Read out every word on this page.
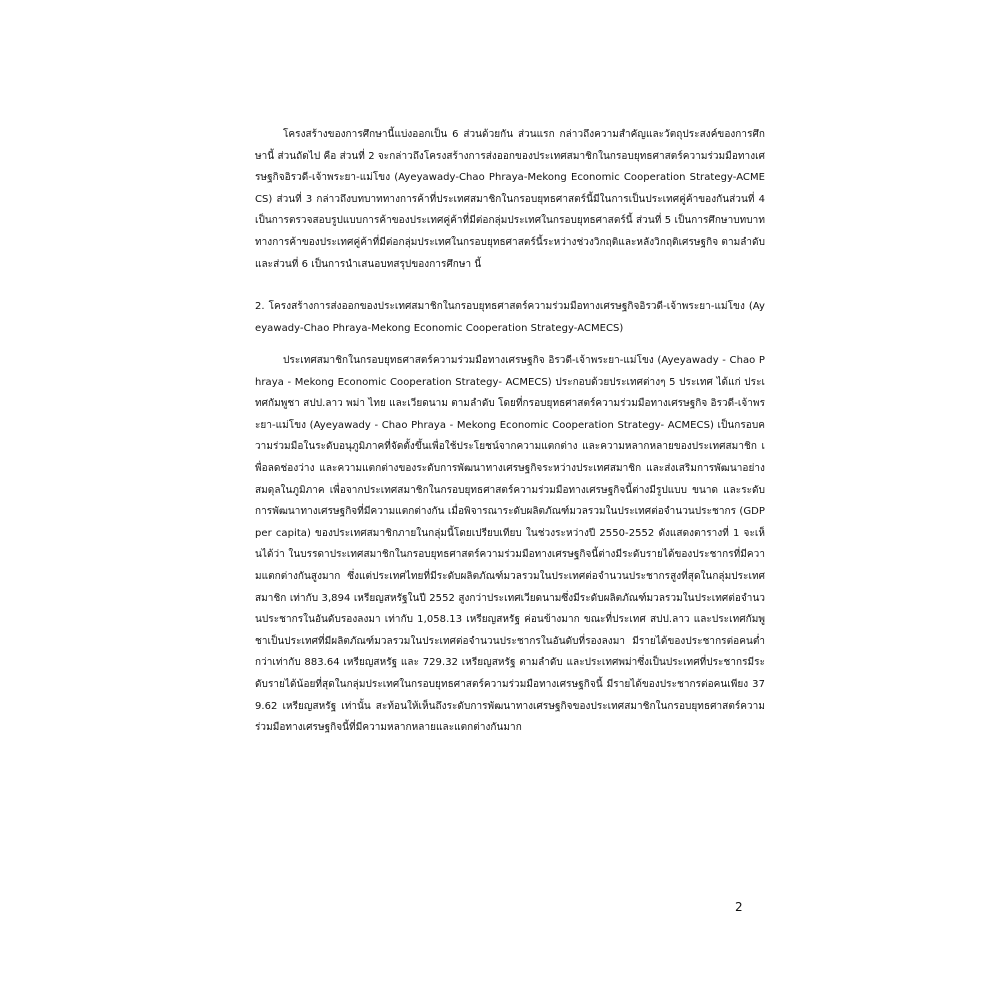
โครงสร้างของการศึกษานี้แบ่งออกเป็น 6 ส่วนด้วยกัน ส่วนแรก กล่าวถึงความสำคัญและวัตถุประสงค์ของการศึกษานี้ ส่วนถัดไป คือ ส่วนที่ 2 จะกล่าวถึงโครงสร้างการส่งออกของประเทศสมาชิกในกรอบยุทธศาสตร์ความร่วมมือทางเศรษฐกิจอิรวดี-เจ้าพระยา-แม่โขง (Ayeyawady-Chao Phraya-Mekong Economic Cooperation Strategy-ACMECS) ส่วนที่ 3 กล่าวถึงบทบาททางการค้าที่ประเทศสมาชิกในกรอบยุทธศาสตร์นี้มีในการเป็นประเทศคู่ค้าของกันส่วนที่ 4 เป็นการตรวจสอบรูปแบบการค้าของประเทศคู่ค้าที่มีต่อกลุ่มประเทศในกรอบยุทธศาสตร์นี้ ส่วนที่ 5 เป็นการศึกษาบทบาททางการค้าของประเทศคู่ค้าที่มีต่อกลุ่มประเทศในกรอบยุทธศาสตร์นี้ระหว่างช่วงวิกฤติและหลังวิกฤติเศรษฐกิจ ตามลำดับ และส่วนที่ 6 เป็นการนำเสนอบทสรุปของการศึกษา นี้
2. โครงสร้างการส่งออกของประเทศสมาชิกในกรอบยุทธศาสตร์ความร่วมมือทางเศรษฐกิจอิรวดี-เจ้าพระยา-แม่โขง (Ayeyawady-Chao Phraya-Mekong Economic Cooperation Strategy-ACMECS)
ประเทศสมาชิกในกรอบยุทธศาสตร์ความร่วมมือทางเศรษฐกิจ อิรวดี-เจ้าพระยา-แม่โขง (Ayeyawady - Chao Phraya - Mekong Economic Cooperation Strategy- ACMECS) ประกอบด้วยประเทศต่างๆ 5 ประเทศ ได้แก่ ประเทศกัมพูชา สปป.ลาว พม่า ไทย และเวียดนาม ตามลำดับ โดยที่กรอบยุทธศาสตร์ความร่วมมือทางเศรษฐกิจ อิรวดี-เจ้าพระยา-แม่โขง (Ayeyawady - Chao Phraya - Mekong Economic Cooperation Strategy- ACMECS) เป็นกรอบความร่วมมือในระดับอนุภูมิภาคที่จัดตั้งขึ้นเพื่อใช้ประโยชน์จากความแตกต่าง และความหลากหลายของประเทศสมาชิก เพื่อลดช่องว่าง และความแตกต่างของระดับการพัฒนาทางเศรษฐกิจระหว่างประเทศสมาชิก และส่งเสริมการพัฒนาอย่างสมดุลในภูมิภาค เพื่อจากประเทศสมาชิกในกรอบยุทธศาสตร์ความร่วมมือทางเศรษฐกิจนี้ต่างมีรูปแบบ ขนาด และระดับการพัฒนาทางเศรษฐกิจที่มีความแตกต่างกัน เมื่อพิจารณาระดับผลิตภัณฑ์มวลรวมในประเทศต่อจำนวนประชากร (GDP per capita) ของประเทศสมาชิกภายในกลุ่มนี้โดยเปรียบเทียบ ในช่วงระหว่างปี 2550-2552 ดังแสดงตารางที่ 1 จะเห็นได้ว่า ในบรรดาประเทศสมาชิกในกรอบยุทธศาสตร์ความร่วมมือทางเศรษฐกิจนี้ต่างมีระดับรายได้ของประชากรที่มีความแตกต่างกันสูงมาก ซึ่งแต่ประเทศไทยที่มีระดับผลิตภัณฑ์มวลรวมในประเทศต่อจำนวนประชากรสูงที่สุดในกลุ่มประเทศสมาชิก เท่ากับ 3,894 เหรียญสหรัฐในปี 2552 สูงกว่าประเทศเวียดนามซึ่งมีระดับผลิตภัณฑ์มวลรวมในประเทศต่อจำนวนประชากรในอันดับรองลงมา เท่ากับ 1,058.13 เหรียญสหรัฐ ค่อนข้างมาก ขณะที่ประเทศ สปป.ลาว และประเทศกัมพูชาเป็นประเทศที่มีผลิตภัณฑ์มวลรวมในประเทศต่อจำนวนประชากรในอันดับที่รองลงมา มีรายได้ของประชากรต่อคนต่ำกว่าเท่ากับ 883.64 เหรียญสหรัฐ และ 729.32 เหรียญสหรัฐ ตามลำดับ และประเทศพม่าซึ่งเป็นประเทศที่ประชากรมีระดับรายได้น้อยที่สุดในกลุ่มประเทศในกรอบยุทธศาสตร์ความร่วมมือทางเศรษฐกิจนี้ มีรายได้ของประชากรต่อคนเพียง 379.62 เหรียญสหรัฐ เท่านั้น สะท้อนให้เห็นถึงระดับการพัฒนาทางเศรษฐกิจของประเทศสมาชิกในกรอบยุทธศาสตร์ความร่วมมือทางเศรษฐกิจนี้ที่มีความหลากหลายและแตกต่างกันมาก
2
